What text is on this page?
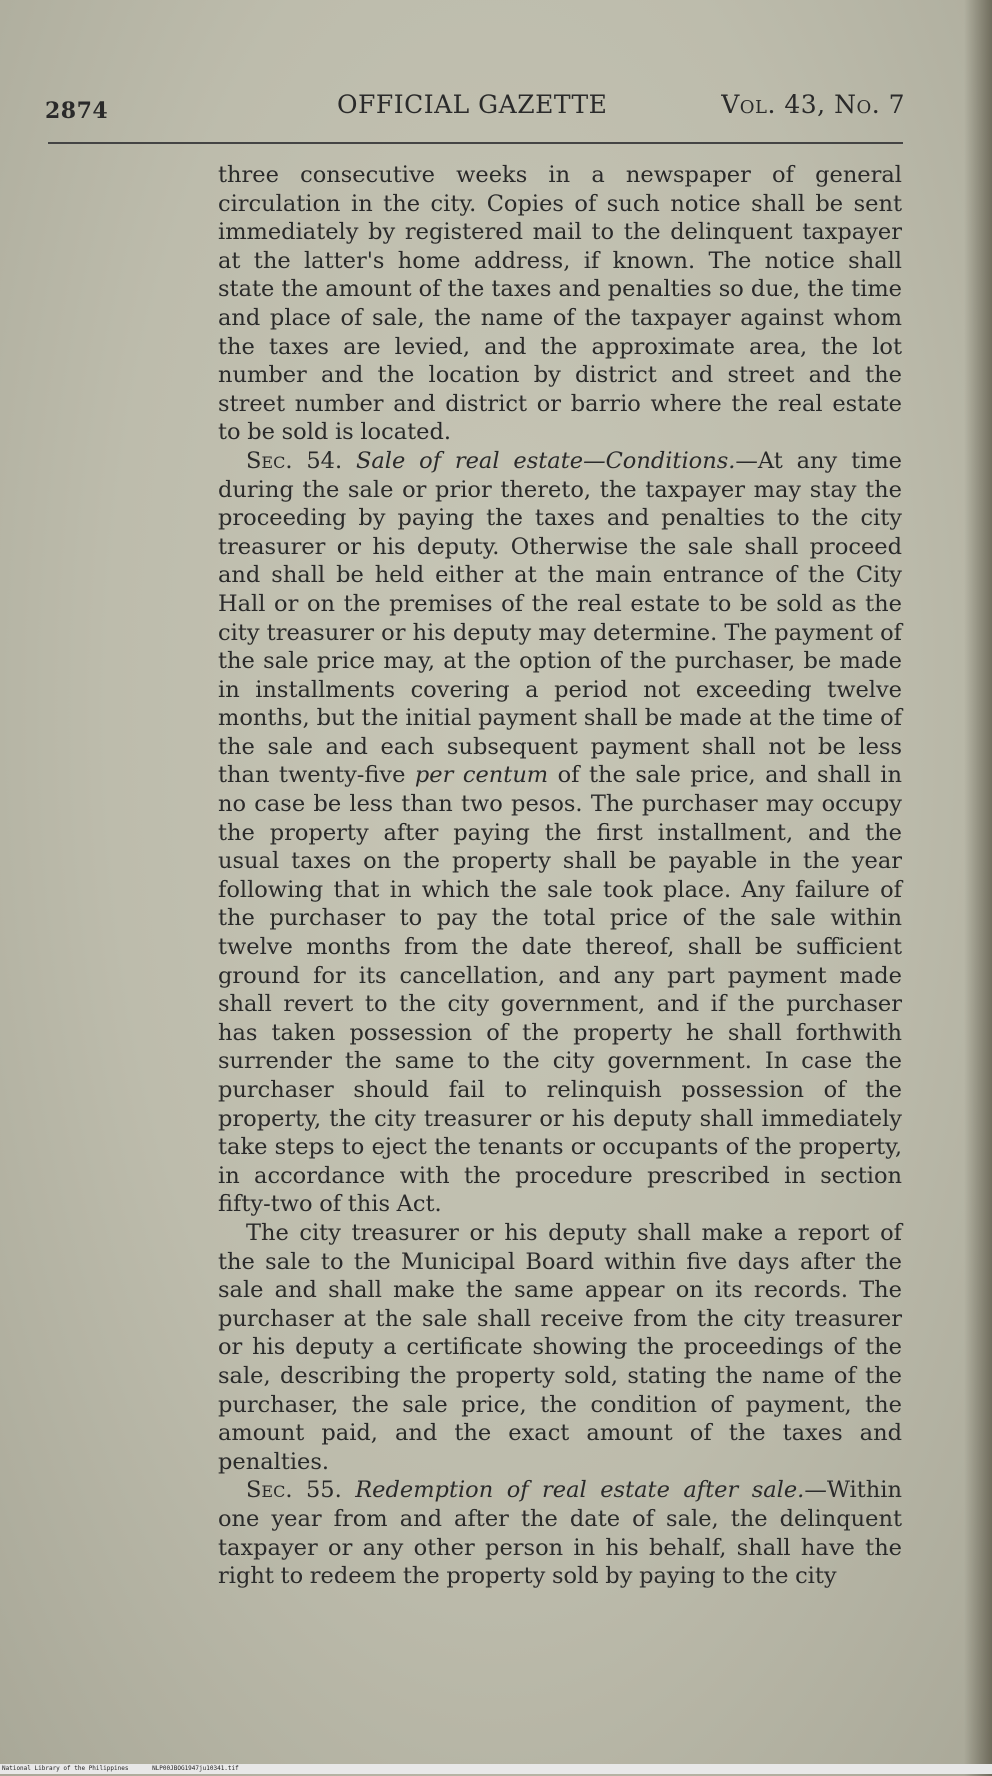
2874	OFFICIAL GAZETTE	Vol. 43, No. 7

three consecutive weeks in a newspaper of general circulation in the city. Copies of such notice shall be sent immediately by registered mail to the delinquent taxpayer at the latter's home address, if known. The notice shall state the amount of the taxes and penalties so due, the time and place of sale, the name of the taxpayer against whom the taxes are levied, and the approximate area, the lot number and the location by district and street and the street number and district or barrio where the real estate to be sold is located.

Sec. 54. Sale of real estate—Conditions.—At any time during the sale or prior thereto, the taxpayer may stay the proceeding by paying the taxes and penalties to the city treasurer or his deputy. Otherwise the sale shall proceed and shall be held either at the main entrance of the City Hall or on the premises of the real estate to be sold as the city treasurer or his deputy may determine. The payment of the sale price may, at the option of the purchaser, be made in installments covering a period not exceeding twelve months, but the initial payment shall be made at the time of the sale and each subsequent payment shall not be less than twenty-five per centum of the sale price, and shall in no case be less than two pesos. The purchaser may occupy the property after paying the first installment, and the usual taxes on the property shall be payable in the year following that in which the sale took place. Any failure of the purchaser to pay the total price of the sale within twelve months from the date thereof, shall be sufficient ground for its cancellation, and any part payment made shall revert to the city government, and if the purchaser has taken possession of the property he shall forthwith surrender the same to the city government. In case the purchaser should fail to relinquish possession of the property, the city treasurer or his deputy shall immediately take steps to eject the tenants or occupants of the property, in accordance with the procedure prescribed in section fifty-two of this Act.

The city treasurer or his deputy shall make a report of the sale to the Municipal Board within five days after the sale and shall make the same appear on its records. The purchaser at the sale shall receive from the city treasurer or his deputy a certificate showing the proceedings of the sale, describing the property sold, stating the name of the purchaser, the sale price, the condition of payment, the amount paid, and the exact amount of the taxes and penalties.

Sec. 55. Redemption of real estate after sale.—Within one year from and after the date of sale, the delinquent taxpayer or any other person in his behalf, shall have the right to redeem the property sold by paying to the city

National Library of the Philippines	NLP00JBOG1947ju10341.tif
